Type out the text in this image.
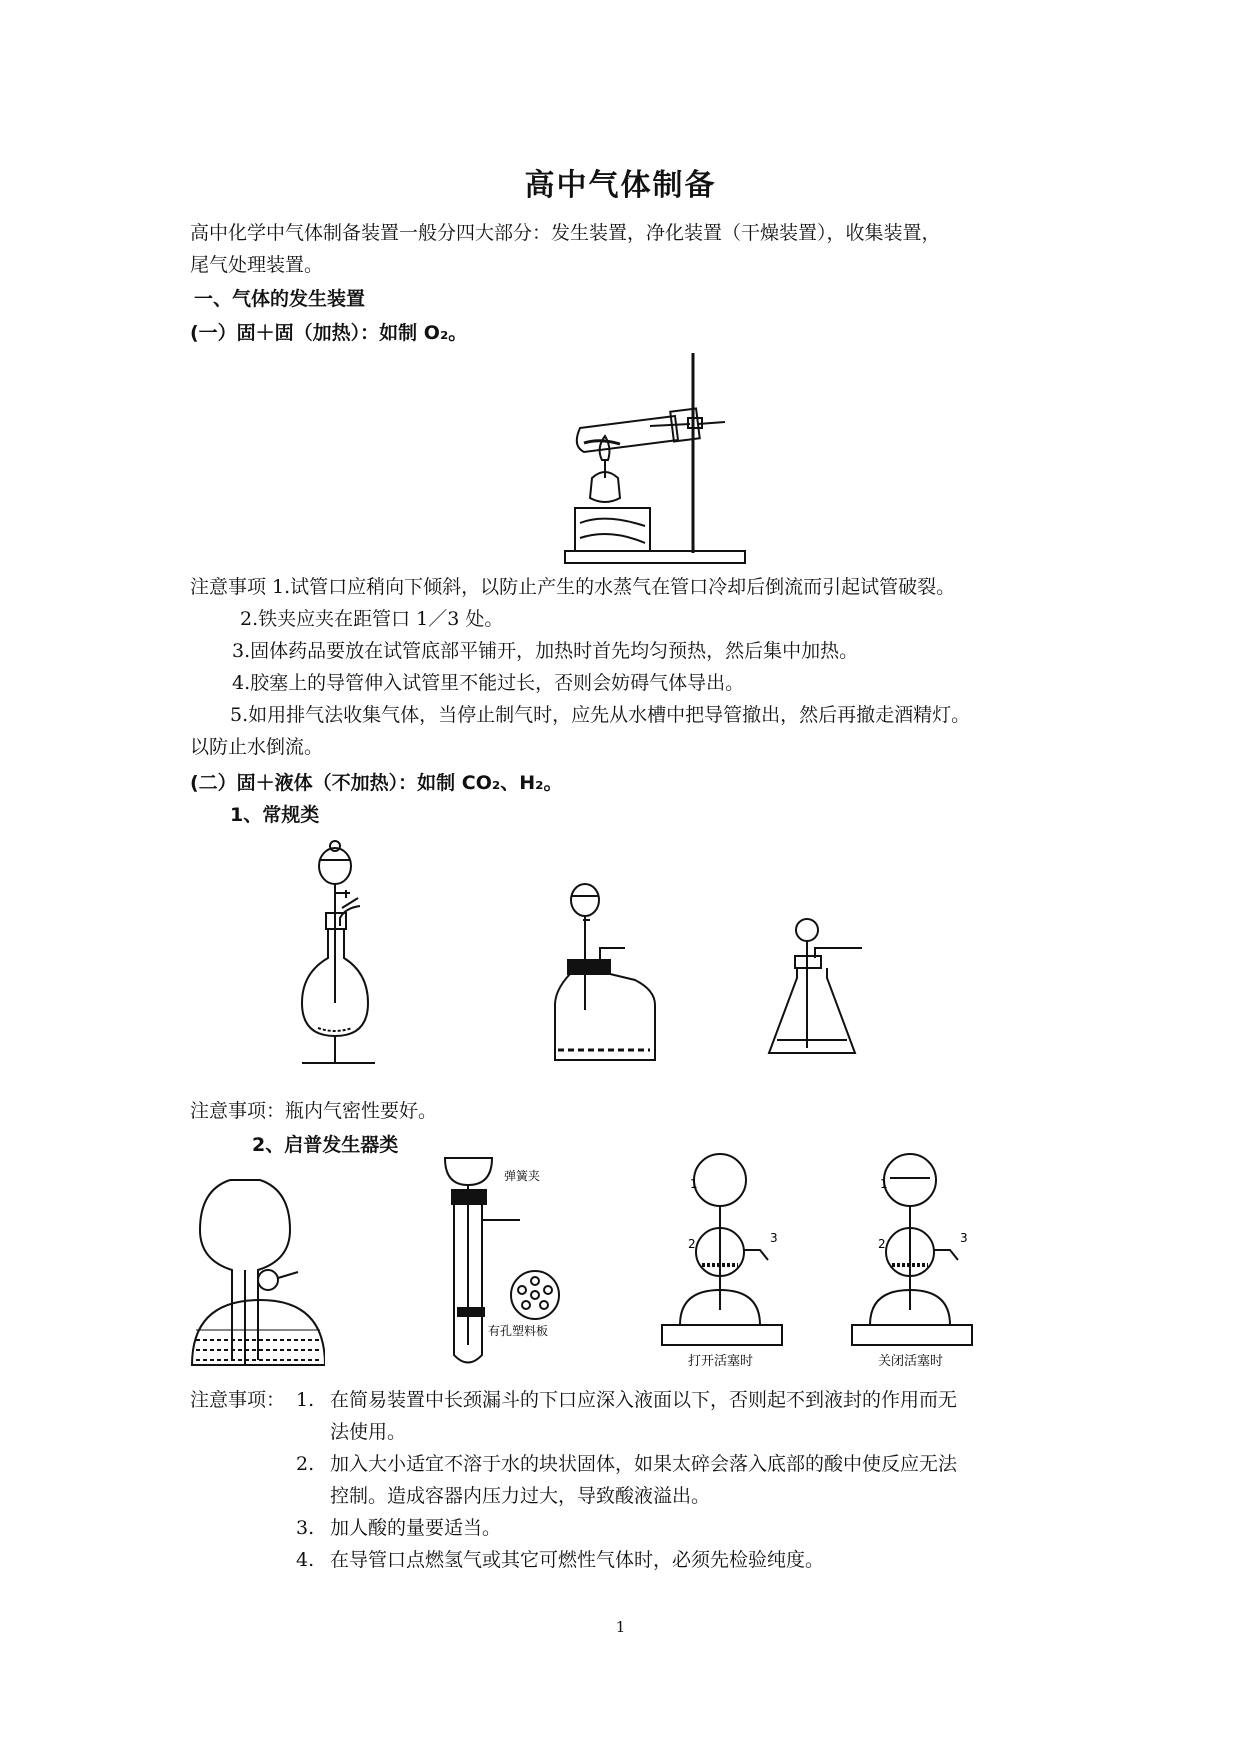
高中气体制备
高中化学中气体制备装置一般分四大部分：发生装置，净化装置（干燥装置），收集装置，
尾气处理装置。
一、气体的发生装置
(一）固＋固（加热）：如制 O₂。
注意事项 1.试管口应稍向下倾斜，以防止产生的水蒸气在管口冷却后倒流而引起试管破裂。
2.铁夹应夹在距管口 1／3 处。
3.固体药品要放在试管底部平铺开，加热时首先均匀预热，然后集中加热。
4.胶塞上的导管伸入试管里不能过长，否则会妨碍气体导出。
5.如用排气法收集气体，当停止制气时，应先从水槽中把导管撤出，然后再撤走酒精灯。
以防止水倒流。
(二）固＋液体（不加热）：如制 CO₂、H₂。
1、常规类
注意事项：瓶内气密性要好。
2、启普发生器类
弹簧夹
有孔塑料板
1
2	3
打开活塞时
1
2	3
关闭活塞时
注意事项： 1. 在简易装置中长颈漏斗的下口应深入液面以下，否则起不到液封的作用而无
法使用。
2. 加入大小适宜不溶于水的块状固体，如果太碎会落入底部的酸中使反应无法
控制。造成容器内压力过大，导致酸液溢出。
3. 加人酸的量要适当。
4. 在导管口点燃氢气或其它可燃性气体时，必须先检验纯度。
1
